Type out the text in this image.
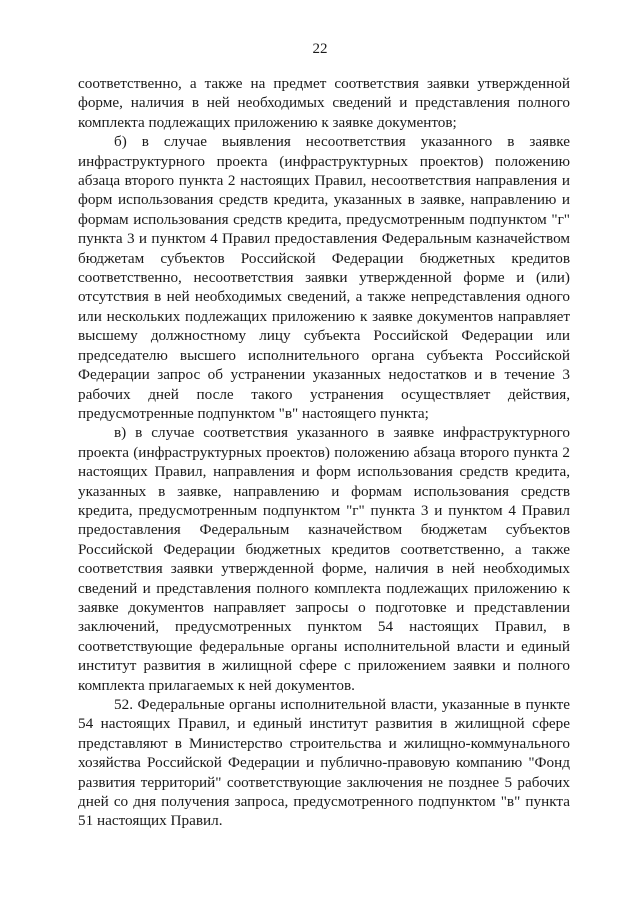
22

соответственно, а также на предмет соответствия заявки утвержденной форме, наличия в ней необходимых сведений и представления полного комплекта подлежащих приложению к заявке документов;

б) в случае выявления несоответствия указанного в заявке инфраструктурного проекта (инфраструктурных проектов) положению абзаца второго пункта 2 настоящих Правил, несоответствия направления и форм использования средств кредита, указанных в заявке, направлению и формам использования средств кредита, предусмотренным подпунктом "г" пункта 3 и пунктом 4 Правил предоставления Федеральным казначейством бюджетам субъектов Российской Федерации бюджетных кредитов соответственно, несоответствия заявки утвержденной форме и (или) отсутствия в ней необходимых сведений, а также непредставления одного или нескольких подлежащих приложению к заявке документов направляет высшему должностному лицу субъекта Российской Федерации или председателю высшего исполнительного органа субъекта Российской Федерации запрос об устранении указанных недостатков и в течение 3 рабочих дней после такого устранения осуществляет действия, предусмотренные подпунктом "в" настоящего пункта;

в) в случае соответствия указанного в заявке инфраструктурного проекта (инфраструктурных проектов) положению абзаца второго пункта 2 настоящих Правил, направления и форм использования средств кредита, указанных в заявке, направлению и формам использования средств кредита, предусмотренным подпунктом "г" пункта 3 и пунктом 4 Правил предоставления Федеральным казначейством бюджетам субъектов Российской Федерации бюджетных кредитов соответственно, а также соответствия заявки утвержденной форме, наличия в ней необходимых сведений и представления полного комплекта подлежащих приложению к заявке документов направляет запросы о подготовке и представлении заключений, предусмотренных пунктом 54 настоящих Правил, в соответствующие федеральные органы исполнительной власти и единый институт развития в жилищной сфере с приложением заявки и полного комплекта прилагаемых к ней документов.

52. Федеральные органы исполнительной власти, указанные в пункте 54 настоящих Правил, и единый институт развития в жилищной сфере представляют в Министерство строительства и жилищно-коммунального хозяйства Российской Федерации и публично-правовую компанию "Фонд развития территорий" соответствующие заключения не позднее 5 рабочих дней со дня получения запроса, предусмотренного подпунктом "в" пункта 51 настоящих Правил.
